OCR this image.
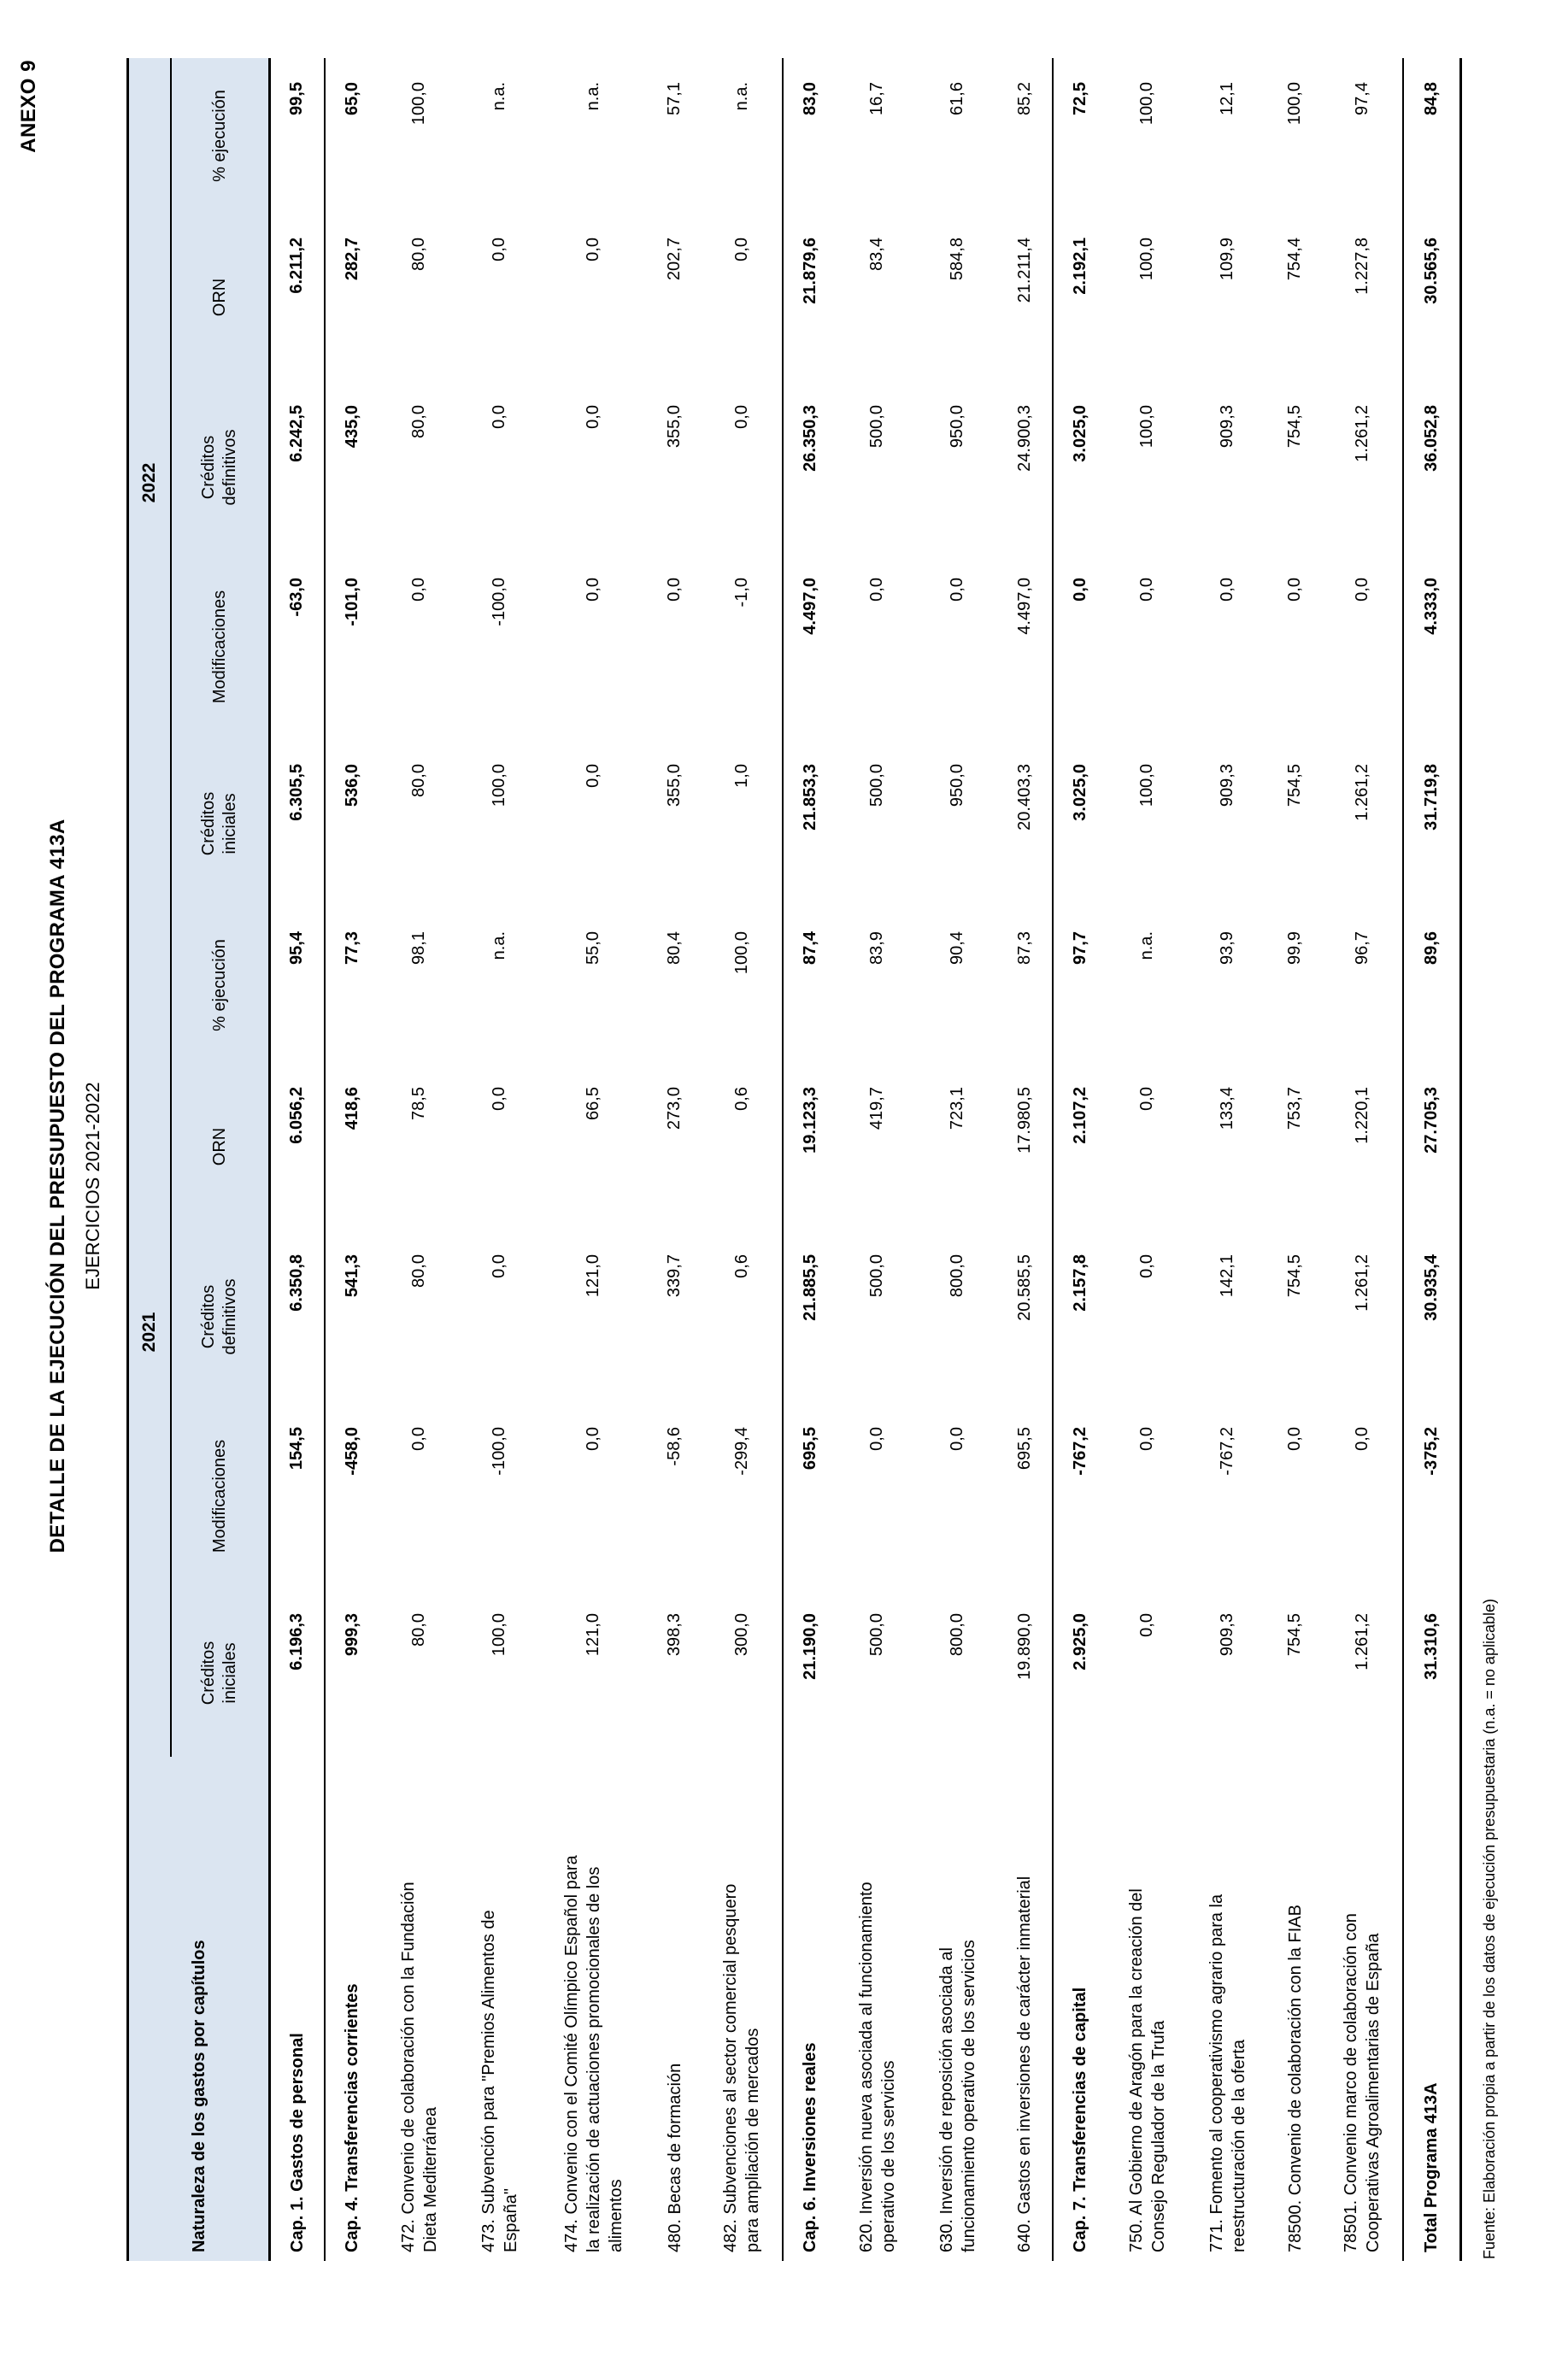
ANEXO 9
DETALLE DE LA EJECUCIÓN DEL PRESUPUESTO DEL PROGRAMA 413A EJERCICIOS 2021-2022
Naturaleza de los gastos por capítulos	2021					2022				
	Créditos iniciales	Modificaciones	Créditos definitivos	ORN	% ejecución	Créditos iniciales	Modificaciones	Créditos definitivos	ORN	% ejecución
Cap. 1. Gastos de personal	6.196,3	154,5	6.350,8	6.056,2	95,4	6.305,5	-63,0	6.242,5	6.211,2	99,5
Cap. 4. Transferencias corrientes	999,3	-458,0	541,3	418,6	77,3	536,0	-101,0	435,0	282,7	65,0
472. Convenio de colaboración con la Fundación Dieta Mediterránea	80,0	0,0	80,0	78,5	98,1	80,0	0,0	80,0	80,0	100,0
473. Subvención para "Premios Alimentos de España"	100,0	-100,0	0,0	0,0	n.a.	100,0	-100,0	0,0	0,0	n.a.
474. Convenio con el Comité Olímpico Español para la realización de actuaciones promocionales de los alimentos	121,0	0,0	121,0	66,5	55,0	0,0	0,0	0,0	0,0	n.a.
480. Becas de formación	398,3	-58,6	339,7	273,0	80,4	355,0	0,0	355,0	202,7	57,1
482. Subvenciones al sector comercial pesquero para ampliación de mercados	300,0	-299,4	0,6	0,6	100,0	1,0	-1,0	0,0	0,0	n.a.
Cap. 6. Inversiones reales	21.190,0	695,5	21.885,5	19.123,3	87,4	21.853,3	4.497,0	26.350,3	21.879,6	83,0
620. Inversión nueva asociada al funcionamiento operativo de los servicios	500,0	0,0	500,0	419,7	83,9	500,0	0,0	500,0	83,4	16,7
630. Inversión de reposición asociada al funcionamiento operativo de los servicios	800,0	0,0	800,0	723,1	90,4	950,0	0,0	950,0	584,8	61,6
640. Gastos en inversiones de carácter inmaterial	19.890,0	695,5	20.585,5	17.980,5	87,3	20.403,3	4.497,0	24.900,3	21.211,4	85,2
Cap. 7. Transferencias de capital	2.925,0	-767,2	2.157,8	2.107,2	97,7	3.025,0	0,0	3.025,0	2.192,1	72,5
750. Al Gobierno de Aragón para la creación del Consejo Regulador de la Trufa	0,0	0,0	0,0	0,0	n.a.	100,0	0,0	100,0	100,0	100,0
771. Fomento al cooperativismo agrario para la reestructuración de la oferta	909,3	-767,2	142,1	133,4	93,9	909,3	0,0	909,3	109,9	12,1
78500. Convenio de colaboración con la FIAB	754,5	0,0	754,5	753,7	99,9	754,5	0,0	754,5	754,4	100,0
78501. Convenio marco de colaboración con Cooperativas Agroalimentarias de España	1.261,2	0,0	1.261,2	1.220,1	96,7	1.261,2	0,0	1.261,2	1.227,8	97,4
Total Programa 413A	31.310,6	-375,2	30.935,4	27.705,3	89,6	31.719,8	4.333,0	36.052,8	30.565,6	84,8
Fuente: Elaboración propia a partir de los datos de ejecución presupuestaria (n.a. = no aplicable)
